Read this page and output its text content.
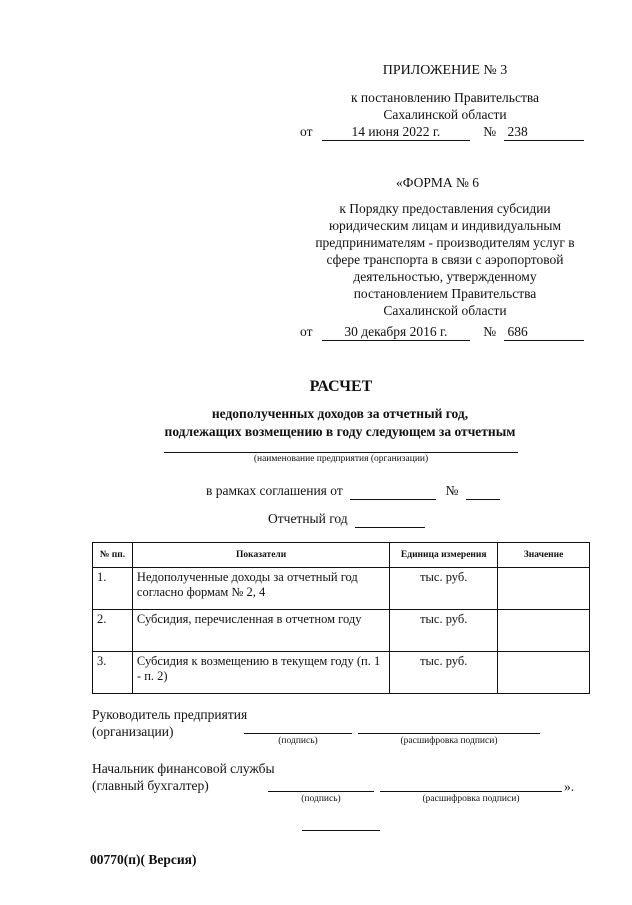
ПРИЛОЖЕНИЕ № 3
к постановлению Правительства
Сахалинской области
от	14 июня 2022 г.	№ 238
«ФОРМА № 6
к Порядку предоставления субсидии
юридическим лицам и индивидуальным
предпринимателям - производителям услуг в
сфере транспорта в связи с аэропортовой
деятельностью, утвержденному
постановлением Правительства
Сахалинской области
от 30 декабря 2016 г.	№ 686
РАСЧЕТ
недополученных доходов за отчетный год,
подлежащих возмещению в году следующем за отчетным
(наименование предприятия (организации)
в рамках соглашения от	№
Отчетный год
№ пп.	Показатели	Единица измерения	Значение
1.	Недополученные доходы за отчетный год согласно формам № 2, 4	тыс. руб.	
2.	Субсидия, перечисленная в отчетном году	тыс. руб.	
3.	Субсидия к возмещению в текущем году (п. 1 - п. 2)	тыс. руб.	
Руководитель предприятия
(организации)
(подпись)	(расшифровка подписи)
Начальник финансовой службы
(главный бухгалтер)	».
(подпись)	(расшифровка подписи)
00770(п)( Версия)
